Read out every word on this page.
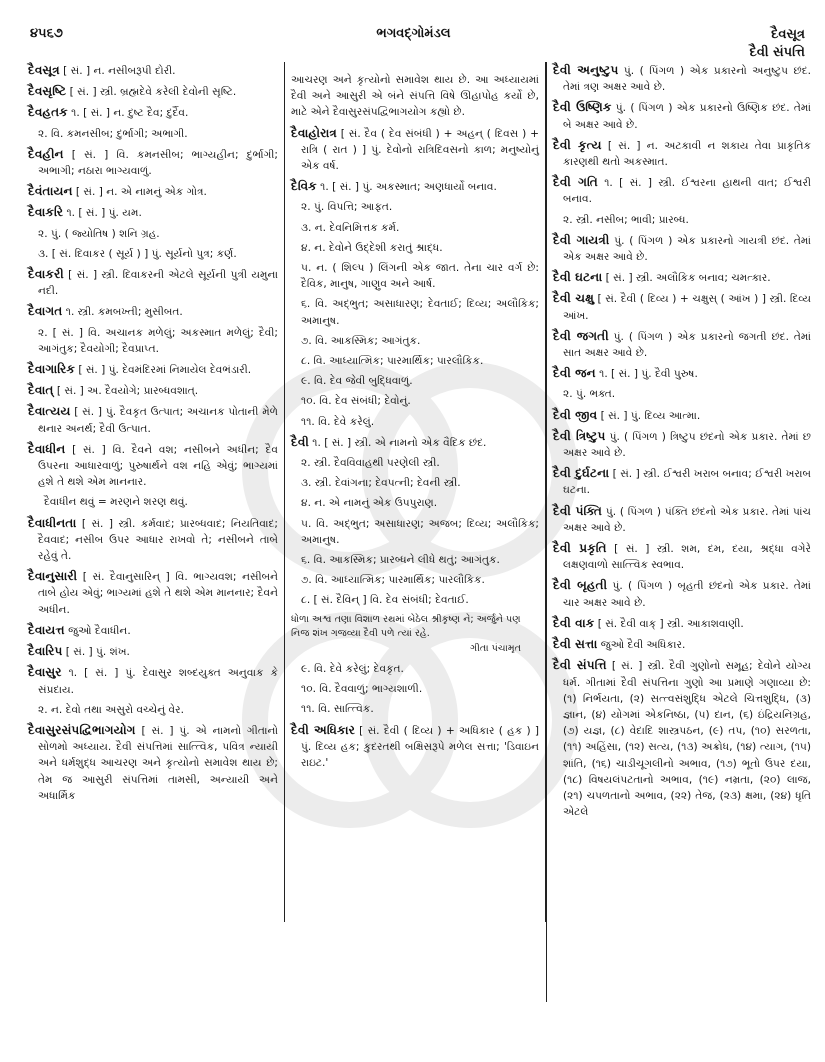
૪૫૬૭	ભગવદ્ગોમંડલ	દૈવસૂત્ર
દૈવી સંપત્તિ

દૈવસૂત્ર [ સં. ] ન. નસીબરૂપી દોરી.

દૈવસૃષ્ટિ [ સં. ] સ્ત્રી. બ્રહ્મદેવે કરેલી દેવોની સૃષ્ટિ.

દૈવહતક ૧. [ સં. ] ન. દુષ્ટ દૈવ; દુર્દૈવ.

૨. વિ. કમનસીબ; દુર્ભાગી; અભાગી.

દૈવહીન [ સં. ] વિ. કમનસીબ; ભાગ્યહીન; દુર્ભાગી; અભાગી; નઠારા ભાગ્યવાળું.

દૈવંતાયન [ સં. ] ન. એ નામનું એક ગોત્ર.

દૈવાકરિ ૧. [ સં. ] પું. યમ.

૨. પું. ( જ્યોતિષ ) શનિ ગ્રહ.

૩. [ સં. દિવાકર ( સૂર્ય ) ] પું. સૂર્યનો પુત્ર; કર્ણ.

દૈવાકરી [ સં. ] સ્ત્રી. દિવાકરની એટલે સૂર્યની પુત્રી યમુના નદી.

દૈવાગત ૧. સ્ત્રી. કમબખ્તી; મુસીબત.

૨. [ સં. ] વિ. અચાનક મળેલું; અકસ્માત મળેલું; દૈવી; આગંતુક; દૈવયોગી; દૈવપ્રાપ્ત.

દૈવાગારિક [ સં. ] પું. દેવમંદિરમાં નિમાયેલ દેવભંડારી.

દૈવાત્ [ સં. ] અ. દૈવયોગે; પ્રારબ્ધવશાત્.

દૈવાત્યય [ સં. ] પું. દૈવકૃત ઉત્પાત; અચાનક પોતાની મેળે થનાર અનર્થ; દૈવી ઉત્પાત.

દૈવાધીન [ સં. ] વિ. દૈવને વશ; નસીબને અધીન; દૈવ ઉપરના આધારવાળું; પુરુષાર્થને વશ નહિ એવું; ભાગ્યમાં હશે તે થશે એમ માનનાર.

દૈવાધીન થવું = મરણને શરણ થવું.

દૈવાધીનતા [ સં. ] સ્ત્રી. કર્મવાદ; પ્રારબ્ધવાદ; નિયતિવાદ; દૈવવાદ; નસીબ ઉપર આધાર રાખવો તે; નસીબને તાબે રહેવું તે.

દૈવાનુસારી [ સં. દૈવાનુસારિન્ ] વિ. ભાગ્યવશ; નસીબને તાબે હોય એવું; ભાગ્યમાં હશે તે થશે એમ માનનાર; દૈવને અધીન.

દૈવાયત્ત જુઓ દૈવાધીન.

દૈવારિપ [ સં. ] પું. શંખ.

દૈવાસુર ૧. [ સં. ] પું. દેવાસુર શબ્દયુક્ત અનુવાક કે સંપ્રદાય.

૨. ન. દેવો તથા અસુરો વચ્ચેનું વેર.

દૈવાસુરસંપદ્વિભાગયોગ [ સં. ] પું. એ નામનો ગીતાનો સોળમો અધ્યાય. દૈવી સંપત્તિમાં સાત્ત્વિક, પવિત્ર ન્યાયી અને ધર્મશુદ્ધ આચરણ અને કૃત્યોનો સમાવેશ થાય છે; તેમ જ આસુરી સંપત્તિમાં તામસી, અન્યાયી અને અધાર્મિક

આચરણ અને કૃત્યોનો સમાવેશ થાય છે. આ અધ્યાયમાં દૈવી અને આસુરી એ બંને સંપત્તિ વિષે ઊહાપોહ કર્યો છે, માટે એને દૈવાસુરસંપદ્વિભાગયોગ કહ્યો છે.

દૈવાહોરાત્ર [ સં. દૈવ ( દેવ સંબંધી ) + અહન્ ( દિવસ ) + રાત્રિ ( રાત ) ] પું. દેવોનો રાત્રિદિવસનો કાળ; મનુષ્યોનું એક વર્ષ.

દૈવિક ૧. [ સં. ] પું. અકસ્માત; અણધાર્યો બનાવ.

૨. પું. વિપત્તિ; આફત.

૩. ન. દેવનિમિત્તક કર્મ.

૪. ન. દેવોને ઉદ્દેશી કરાતું શ્રાદ્ધ.

૫. ન. ( શિલ્પ ) લિંગની એક જાત. તેના ચાર વર્ગ છે: દૈવિક, માનુષ, ગાણુવ અને આર્ષ.

૬. વિ. અદ્ભુત; અસાધારણ; દેવતાઈ; દિવ્ય; અલૌકિક; અમાનુષ.

૭. વિ. આકસ્મિક; આગંતુક.

૮. વિ. આધ્યાત્મિક; પારમાર્થિક; પારલૌકિક.

૯. વિ. દેવ જેવી બુદ્ધિવાળું.

૧૦. વિ. દેવ સંબંધી; દેવોનું.

૧૧. વિ. દેવે કરેલું.

દૈવી ૧. [ સં. ] સ્ત્રી. એ નામનો એક વૈદિક છંદ.

૨. સ્ત્રી. દૈવવિવાહથી પરણેલી સ્ત્રી.

૩. સ્ત્રી. દેવાંગના; દેવપત્ની; દેવની સ્ત્રી.

૪. ન. એ નામનું એક ઉપપુરાણ.

૫. વિ. અદ્ભુત; અસાધારણ; અજબ; દિવ્ય; અલૌકિક; અમાનુષ.

૬. વિ. આકસ્મિક; પ્રારબ્ધને લીધે થતું; આગંતુક.

૭. વિ. આધ્યાત્મિક; પારમાર્થિક; પારલૌકિક.

૮. [ સં. દૈવિન્ ] વિ. દેવ સંબંધી; દેવતાઈ.

ધોળા અશ્વ તણા વિશાળ રથમાં બેઠેલ શ્રીકૃષ્ણ ને; અર્જુને પણ નિજ શંખ ગજવ્યા દૈવી પળે ત્યાં રહે.

ગીતા પંચામૃત

૯. વિ. દેવે કરેલું; દેવકૃત.

૧૦. વિ. દૈવવાળું; ભાગ્યશાળી.

૧૧. વિ. સાત્ત્વિક.

દૈવી અધિકાર [ સં. દૈવી ( દિવ્ય ) + અધિકાર ( હક ) ] પું. દિવ્ય હક; કુદરતથી બક્ષિસરૂપે મળેલ સત્તા; 'ડિવાઇન રાઇટ.'

દૈવી અનુષ્ટુપ પું. ( પિંગળ ) એક પ્રકારનો અનુષ્ટુપ છંદ. તેમાં ત્રણ અક્ષર આવે છે.

દૈવી ઉષ્ણિક પું. ( પિંગળ ) એક પ્રકારનો ઉષ્ણિક છંદ. તેમાં બે અક્ષર આવે છે.

દૈવી કૃત્ય [ સં. ] ન. અટકાવી ન શકાય તેવા પ્રાકૃતિક કારણથી થતો અકસ્માત.

દૈવી ગતિ ૧. [ સં. ] સ્ત્રી. ઈશ્વરના હાથની વાત; ઈશ્વરી બનાવ.

૨. સ્ત્રી. નસીબ; ભાવી; પ્રારબ્ધ.

દૈવી ગાયત્રી પું. ( પિંગળ ) એક પ્રકારનો ગાયત્રી છંદ. તેમાં એક અક્ષર આવે છે.

દૈવી ઘટના [ સં. ] સ્ત્રી. અલૌકિક બનાવ; ચમત્કાર.

દૈવી ચક્ષુ [ સં. દૈવી ( દિવ્ય ) + ચક્ષુસ્ ( આંખ ) ] સ્ત્રી. દિવ્ય આંખ.

દૈવી જગતી પું. ( પિંગળ ) એક પ્રકારનો જગતી છંદ. તેમાં સાત અક્ષર આવે છે.

દૈવી જન ૧. [ સં. ] પું. દૈવી પુરુષ.

૨. પું. ભક્ત.

દૈવી જીવ [ સં. ] પું. દિવ્ય આત્મા.

દૈવી ત્રિષ્ટુપ પું. ( પિંગળ ) ત્રિષ્ટુપ છંદનો એક પ્રકાર. તેમાં છ અક્ષર આવે છે.

દૈવી દુર્ઘટના [ સં. ] સ્ત્રી. ઈશ્વરી ખરાબ બનાવ; ઈશ્વરી ખરાબ ઘટના.

દૈવી પંક્તિ પું. ( પિંગળ ) પંક્તિ છંદનો એક પ્રકાર. તેમાં પાંચ અક્ષર આવે છે.

દૈવી પ્રકૃતિ [ સં. ] સ્ત્રી. શમ, દમ, દયા, શ્રદ્ધા વગેરે લક્ષણવાળો સાત્ત્વિક સ્વભાવ.

દૈવી બૃહતી પું. ( પિંગળ ) બૃહતી છંદનો એક પ્રકાર. તેમાં ચાર અક્ષર આવે છે.

દૈવી વાક [ સં. દૈવી વાક્ ] સ્ત્રી. આકાશવાણી.

દૈવી સત્તા જુઓ દૈવી અધિકાર.

દૈવી સંપત્તિ [ સં. ] સ્ત્રી. દૈવી ગુણોનો સમૂહ; દેવોને યોગ્ય ધર્મ. ગીતામાં દૈવી સંપત્તિના ગુણો આ પ્રમાણે ગણાવ્યા છે: (૧) નિર્ભયતા, (૨) સત્ત્વસંશુદ્ધિ એટલે ચિત્તશુદ્ધિ, (૩) જ્ઞાન, (૪) યોગમાં એકનિષ્ઠા, (૫) દાન, (૬) ઇંદ્રિયનિગ્રહ, (૭) યજ્ઞ, (૮) વેદાદિ શાસ્ત્રપઠન, (૯) તપ, (૧૦) સરળતા, (૧૧) અહિંસા, (૧૨) સત્ય, (૧૩) અક્રોધ, (૧૪) ત્યાગ, (૧૫) શાંતિ, (૧૬) ચાડીચૂગલીનો અભાવ, (૧૭) ભૂતો ઉપર દયા, (૧૮) વિષયલંપટતાનો અભાવ, (૧૯) નમ્રતા, (૨૦) લાજ, (૨૧) ચપળતાનો અભાવ, (૨૨) તેજ, (૨૩) ક્ષમા, (૨૪) ધૃતિ એટલે
